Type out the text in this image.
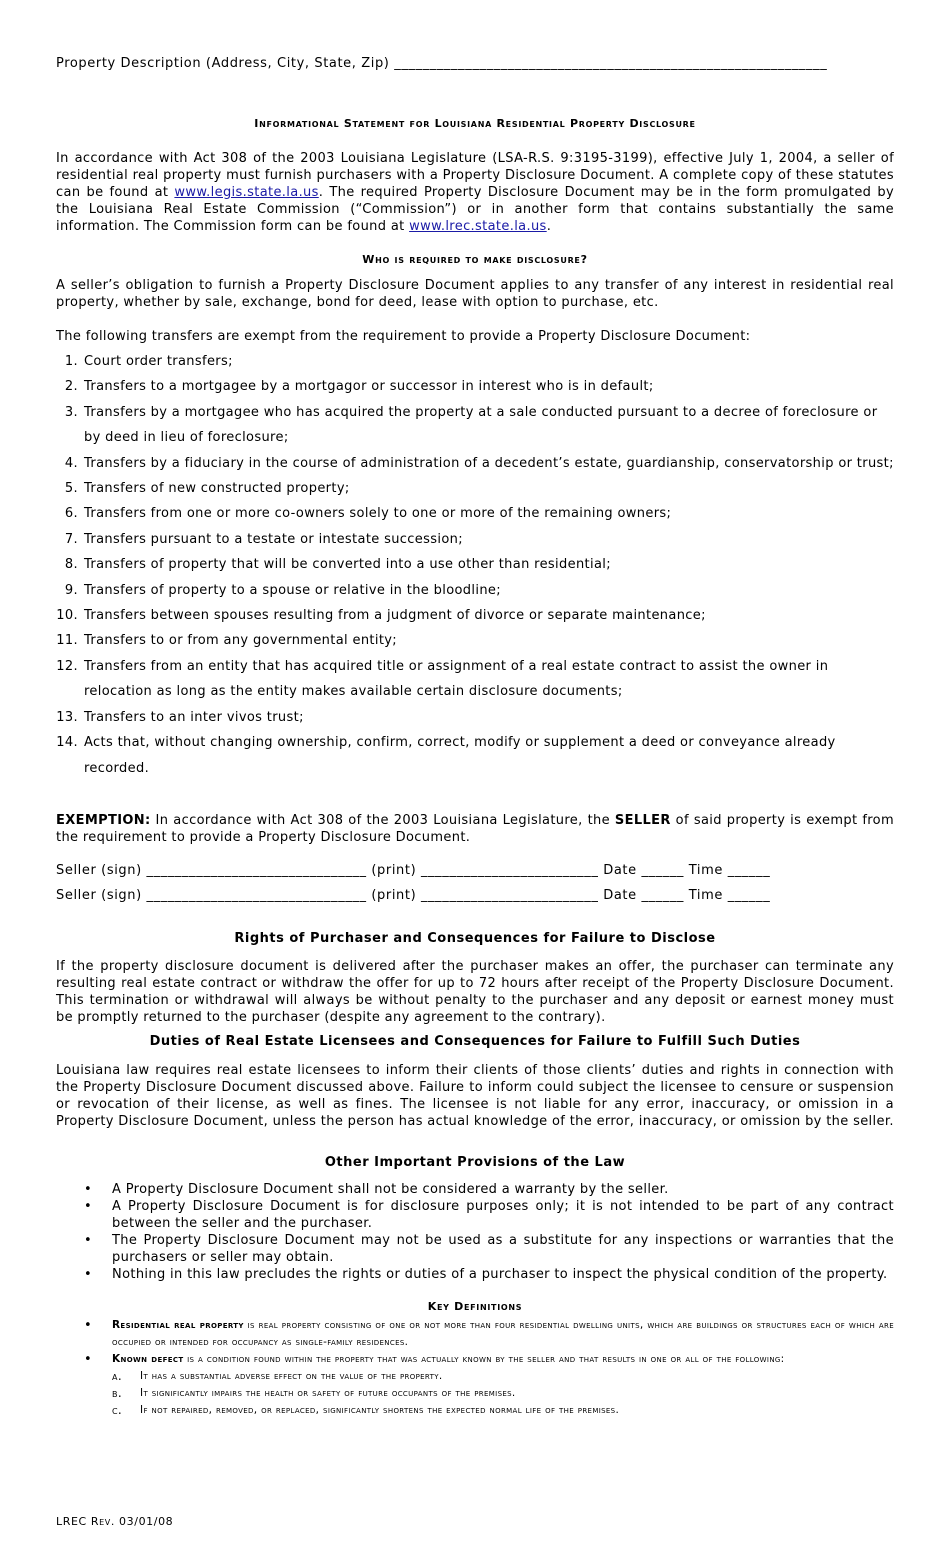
Property Description (Address, City, State, Zip) _____________________________________________________________
Informational Statement for Louisiana Residential Property Disclosure

In accordance with Act 308 of the 2003 Louisiana Legislature (LSA-R.S. 9:3195-3199), effective July 1, 2004, a seller of residential real property must furnish purchasers with a Property Disclosure Document. A complete copy of these statutes can be found at www.legis.state.la.us. The required Property Disclosure Document may be in the form promulgated by the Louisiana Real Estate Commission (“Commission”) or in another form that contains substantially the same information. The Commission form can be found at www.lrec.state.la.us.

Who is required to make disclosure?

A seller’s obligation to furnish a Property Disclosure Document applies to any transfer of any interest in residential real property, whether by sale, exchange, bond for deed, lease with option to purchase, etc.

The following transfers are exempt from the requirement to provide a Property Disclosure Document:

1. Court order transfers;
2. Transfers to a mortgagee by a mortgagor or successor in interest who is in default;
3. Transfers by a mortgagee who has acquired the property at a sale conducted pursuant to a decree of foreclosure or by deed in lieu of foreclosure;
4. Transfers by a fiduciary in the course of administration of a decedent’s estate, guardianship, conservatorship or trust;
5. Transfers of new constructed property;
6. Transfers from one or more co-owners solely to one or more of the remaining owners;
7. Transfers pursuant to a testate or intestate succession;
8. Transfers of property that will be converted into a use other than residential;
9. Transfers of property to a spouse or relative in the bloodline;
10. Transfers between spouses resulting from a judgment of divorce or separate maintenance;
11. Transfers to or from any governmental entity;
12. Transfers from an entity that has acquired title or assignment of a real estate contract to assist the owner in relocation as long as the entity makes available certain disclosure documents;
13. Transfers to an inter vivos trust;
14. Acts that, without changing ownership, confirm, correct, modify or supplement a deed or conveyance already recorded.

EXEMPTION: In accordance with Act 308 of the 2003 Louisiana Legislature, the SELLER of said property is exempt from the requirement to provide a Property Disclosure Document.

Seller (sign) _______________________________ (print) _________________________ Date ______ Time ______
Seller (sign) _______________________________ (print) _________________________ Date ______ Time ______
Rights of Purchaser and Consequences for Failure to Disclose

If the property disclosure document is delivered after the purchaser makes an offer, the purchaser can terminate any resulting real estate contract or withdraw the offer for up to 72 hours after receipt of the Property Disclosure Document. This termination or withdrawal will always be without penalty to the purchaser and any deposit or earnest money must be promptly returned to the purchaser (despite any agreement to the contrary).

Duties of Real Estate Licensees and Consequences for Failure to Fulfill Such Duties

Louisiana law requires real estate licensees to inform their clients of those clients’ duties and rights in connection with the Property Disclosure Document discussed above. Failure to inform could subject the licensee to censure or suspension or revocation of their license, as well as fines. The licensee is not liable for any error, inaccuracy, or omission in a Property Disclosure Document, unless the person has actual knowledge of the error, inaccuracy, or omission by the seller.

Other Important Provisions of the Law
• A Property Disclosure Document shall not be considered a warranty by the seller.
• A Property Disclosure Document is for disclosure purposes only; it is not intended to be part of any contract between the seller and the purchaser.
• The Property Disclosure Document may not be used as a substitute for any inspections or warranties that the purchasers or seller may obtain.
• Nothing in this law precludes the rights or duties of a purchaser to inspect the physical condition of the property.
Key Definitions
• Residential real property is real property consisting of one or not more than four residential dwelling units, which are buildings or structures each of which are occupied or intended for occupancy as single-family residences.
• Known defect is a condition found within the property that was actually known by the seller and that results in one or all of the following:
a. It has a substantial adverse effect on the value of the property.
b. It significantly impairs the health or safety of future occupants of the premises.
c. If not repaired, removed, or replaced, significantly shortens the expected normal life of the premises.
LREC Rev. 03/01/08
